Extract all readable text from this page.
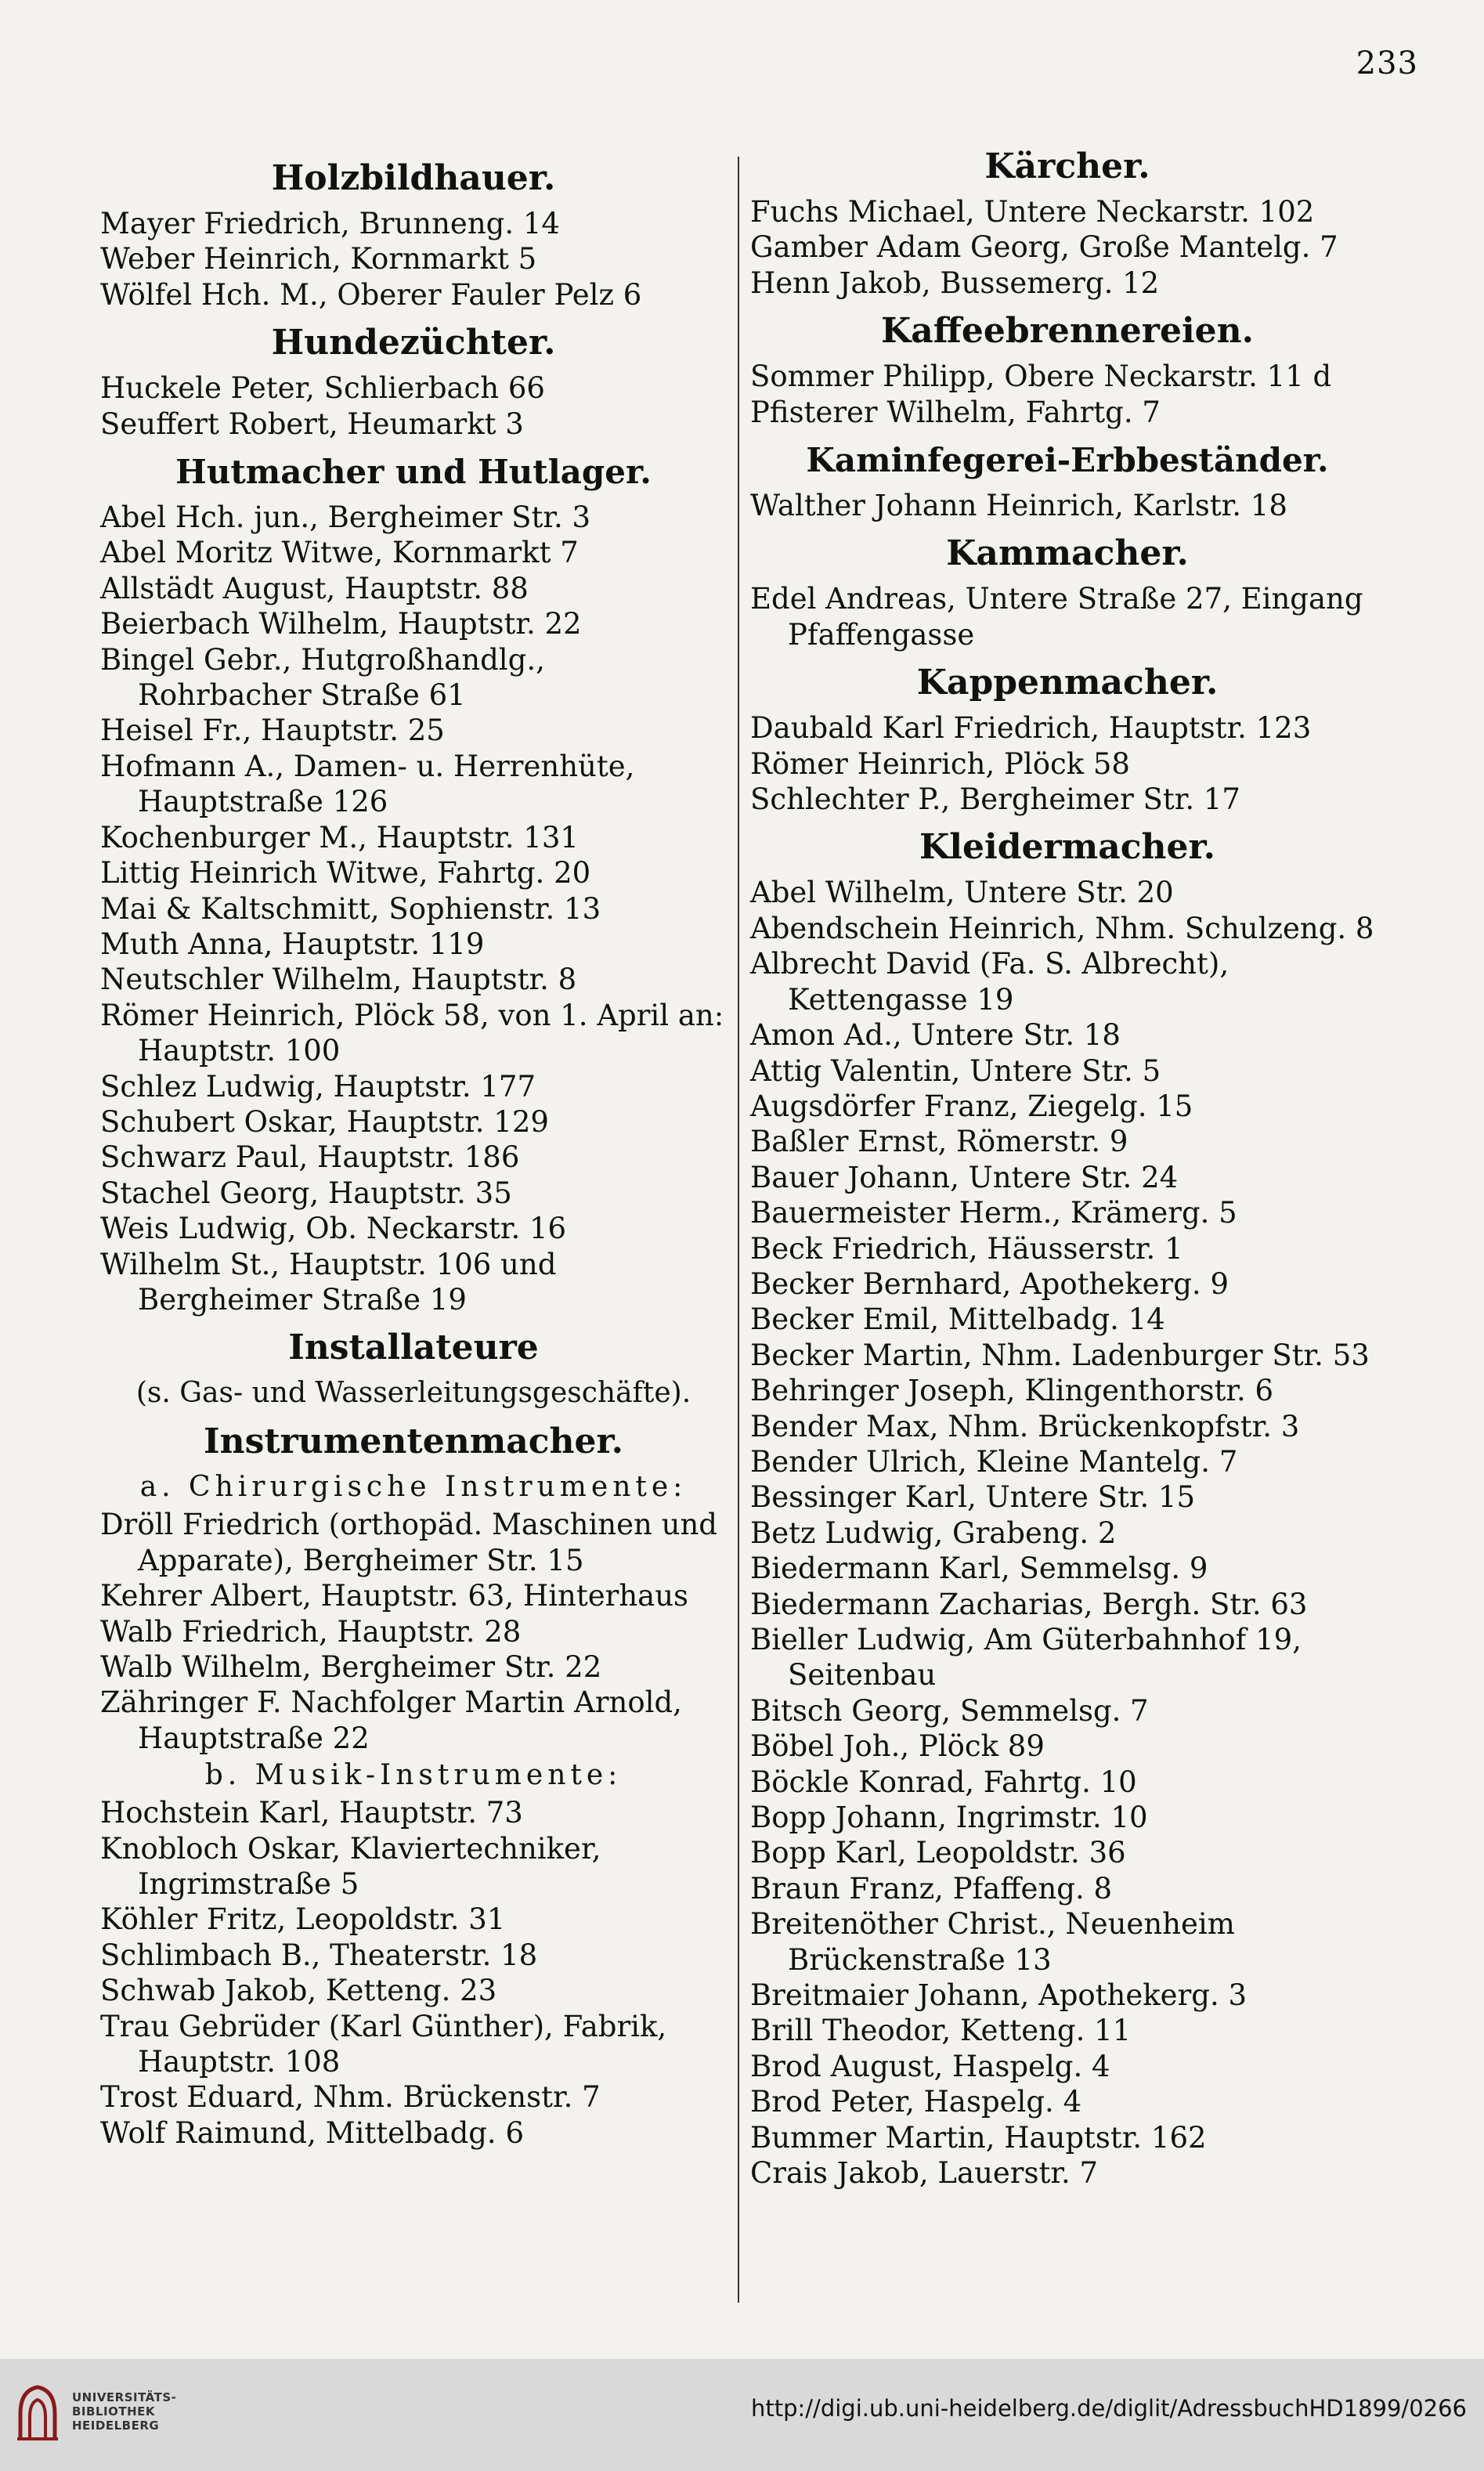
233
Holzbildhauer.
Mayer Friedrich, Brunneng. 14
Weber Heinrich, Kornmarkt 5
Wölfel Hch. M., Oberer Fauler Pelz 6
Hundezüchter.
Huckele Peter, Schlierbach 66
Seuffert Robert, Heumarkt 3
Hutmacher und Hutlager.
Abel Hch. jun., Bergheimer Str. 3
Abel Moritz Witwe, Kornmarkt 7
Allstädt August, Hauptstr. 88
Beierbach Wilhelm, Hauptstr. 22
Bingel Gebr., Hutgroßhandlg., Rohrbacher Straße 61
Heisel Fr., Hauptstr. 25
Hofmann A., Damen- u. Herrenhüte, Hauptstraße 126
Kochenburger M., Hauptstr. 131
Littig Heinrich Witwe, Fahrtg. 20
Mai & Kaltschmitt, Sophienstr. 13
Muth Anna, Hauptstr. 119
Neutschler Wilhelm, Hauptstr. 8
Römer Heinrich, Plöck 58, von 1. April an: Hauptstr. 100
Schlez Ludwig, Hauptstr. 177
Schubert Oskar, Hauptstr. 129
Schwarz Paul, Hauptstr. 186
Stachel Georg, Hauptstr. 35
Weis Ludwig, Ob. Neckarstr. 16
Wilhelm St., Hauptstr. 106 und Bergheimer Straße 19
Installateure
(s. Gas- und Wasserleitungsgeschäfte).
Instrumentenmacher.
a. Chirurgische Instrumente:
Dröll Friedrich (orthopäd. Maschinen und Apparate), Bergheimer Str. 15
Kehrer Albert, Hauptstr. 63, Hinterhaus
Walb Friedrich, Hauptstr. 28
Walb Wilhelm, Bergheimer Str. 22
Zähringer F. Nachfolger Martin Arnold, Hauptstraße 22
b. Musik-Instrumente:
Hochstein Karl, Hauptstr. 73
Knobloch Oskar, Klaviertechniker, Ingrimstraße 5
Köhler Fritz, Leopoldstr. 31
Schlimbach B., Theaterstr. 18
Schwab Jakob, Ketteng. 23
Trau Gebrüder (Karl Günther), Fabrik, Hauptstr. 108
Trost Eduard, Nhm. Brückenstr. 7
Wolf Raimund, Mittelbadg. 6
Kärcher.
Fuchs Michael, Untere Neckarstr. 102
Gamber Adam Georg, Große Mantelg. 7
Henn Jakob, Bussemerg. 12
Kaffeebrennereien.
Sommer Philipp, Obere Neckarstr. 11 d
Pfisterer Wilhelm, Fahrtg. 7
Kaminfegerei-Erbbeständer.
Walther Johann Heinrich, Karlstr. 18
Kammacher.
Edel Andreas, Untere Straße 27, Eingang Pfaffengasse
Kappenmacher.
Daubald Karl Friedrich, Hauptstr. 123
Römer Heinrich, Plöck 58
Schlechter P., Bergheimer Str. 17
Kleidermacher.
Abel Wilhelm, Untere Str. 20
Abendschein Heinrich, Nhm. Schulzeng. 8
Albrecht David (Fa. S. Albrecht), Kettengasse 19
Amon Ad., Untere Str. 18
Attig Valentin, Untere Str. 5
Augsdörfer Franz, Ziegelg. 15
Baßler Ernst, Römerstr. 9
Bauer Johann, Untere Str. 24
Bauermeister Herm., Krämerg. 5
Beck Friedrich, Häusserstr. 1
Becker Bernhard, Apothekerg. 9
Becker Emil, Mittelbadg. 14
Becker Martin, Nhm. Ladenburger Str. 53
Behringer Joseph, Klingenthorstr. 6
Bender Max, Nhm. Brückenkopfstr. 3
Bender Ulrich, Kleine Mantelg. 7
Bessinger Karl, Untere Str. 15
Betz Ludwig, Grabeng. 2
Biedermann Karl, Semmelsg. 9
Biedermann Zacharias, Bergh. Str. 63
Bieller Ludwig, Am Güterbahnhof 19, Seitenbau
Bitsch Georg, Semmelsg. 7
Böbel Joh., Plöck 89
Böckle Konrad, Fahrtg. 10
Bopp Johann, Ingrimstr. 10
Bopp Karl, Leopoldstr. 36
Braun Franz, Pfaffeng. 8
Breitenöther Christ., Neuenheim Brückenstraße 13
Breitmaier Johann, Apothekerg. 3
Brill Theodor, Ketteng. 11
Brod August, Haspelg. 4
Brod Peter, Haspelg. 4
Bummer Martin, Hauptstr. 162
Crais Jakob, Lauerstr. 7
UNIVERSITÄTS-
BIBLIOTHEK
HEIDELBERG
http://digi.ub.uni-heidelberg.de/diglit/AdressbuchHD1899/0266
